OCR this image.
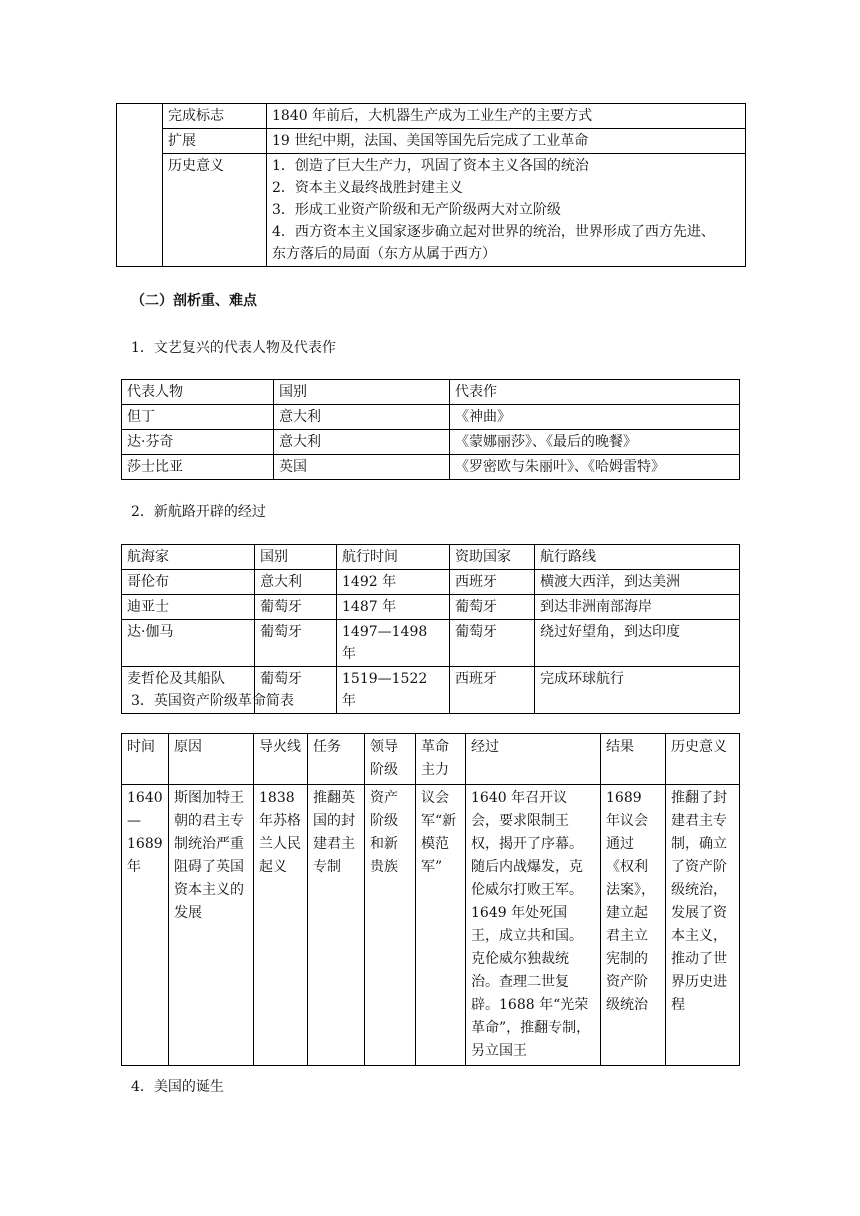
	完成标志	1840 年前后，大机器生产成为工业生产的主要方式
	扩展	19 世纪中期，法国、美国等国先后完成了工业革命
	历史意义	1．创造了巨大生产力，巩固了资本主义各国的统治
2．资本主义最终战胜封建主义
3．形成工业资产阶级和无产阶级两大对立阶级
4．西方资本主义国家逐步确立起对世界的统治，世界形成了西方先进、
东方落后的局面（东方从属于西方）
（二）剖析重、难点
1．文艺复兴的代表人物及代表作
代表人物	国别	代表作
但丁	意大利	《神曲》
达·芬奇	意大利	《蒙娜丽莎》、《最后的晚餐》
莎士比亚	英国	《罗密欧与朱丽叶》、《哈姆雷特》
2．新航路开辟的经过
航海家	国别	航行时间	资助国家	航行路线
哥伦布	意大利	1492 年	西班牙	横渡大西洋，到达美洲
迪亚士	葡萄牙	1487 年	葡萄牙	到达非洲南部海岸
达·伽马	葡萄牙	1497—1498 年	葡萄牙	绕过好望角，到达印度
麦哲伦及其船队	葡萄牙	1519—1522 年	西班牙	完成环球航行
3．英国资产阶级革命简表
时间	原因	导火线	任务	领导阶级	革命主力	经过	结果	历史意义
1640—1689 年	斯图加特王朝的君主专制统治严重阻碍了英国资本主义的发展	1838 年苏格兰人民起义	推翻英国的封建君主专制	资产阶级和新贵族	议会军“新模范军”	1640 年召开议会，要求限制王权，揭开了序幕。随后内战爆发，克伦威尔打败王军。1649 年处死国王，成立共和国。克伦威尔独裁统治。查理二世复辟。1688 年“光荣革命”，推翻专制，另立国王	1689 年议会通过《权利法案》，建立起君主立宪制的资产阶级统治	推翻了封建君主专制，确立了资产阶级统治，发展了资本主义，推动了世界历史进程
4．美国的诞生
